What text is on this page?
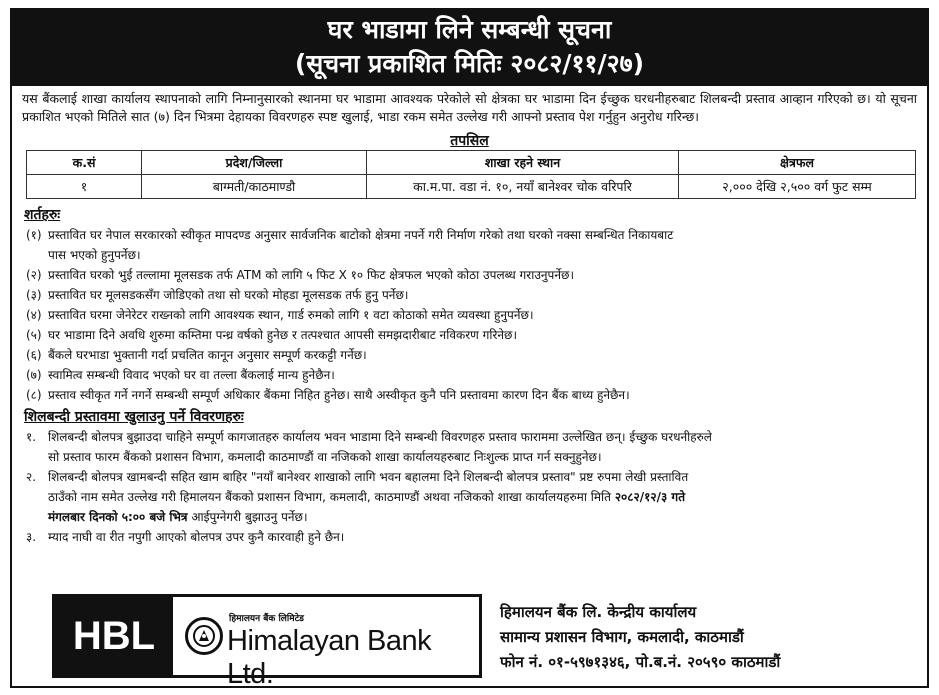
घर भाडामा लिने सम्बन्धी सूचना
(सूचना प्रकाशित मितिः २०८२/११/२७)

यस बैंकलाई शाखा कार्यालय स्थापनाको लागि निम्नानुसारको स्थानमा घर भाडामा आवश्यक परेकोले सो क्षेत्रका घर भाडामा दिन ईच्छुक घरधनीहरुबाट शिलबन्दी प्रस्ताव आव्हान गरिएको छ। यो सूचना प्रकाशित भएको मितिले सात (७) दिन भित्रमा देहायका विवरणहरु स्पष्ट खुलाई, भाडा रकम समेत उल्लेख गरी आफ्नो प्रस्ताव पेश गर्नुहुन अनुरोध गरिन्छ।

तपसिल
क.सं	प्रदेश/जिल्ला	शाखा रहने स्थान	क्षेत्रफल
१	बाग्मती/काठमाण्डौ	का.म.पा. वडा नं. १०, नयाँ बानेश्वर चोक वरिपरि	२,००० देखि २,५०० वर्ग फुट सम्म
शर्तहरुः
(१) प्रस्तावित घर नेपाल सरकारको स्वीकृत मापदण्ड अनुसार सार्वजनिक बाटोको क्षेत्रमा नपर्ने गरी निर्माण गरेको तथा घरको नक्सा सम्बन्धित निकायबाट
पास भएको हुनुपर्नेछ।
(२) प्रस्तावित घरको भुई तल्लामा मूलसडक तर्फ ATM को लागि ५ फिट X १० फिट क्षेत्रफल भएको कोठा उपलब्ध गराउनुपर्नेछ।
(३) प्रस्तावित घर मूलसडकसँग जोडिएको तथा सो घरको मोहडा मूलसडक तर्फ हुनु पर्नेछ।
(४) प्रस्तावित घरमा जेनेरेटर राख्नको लागि आवश्यक स्थान, गार्ड रुमको लागि १ वटा कोठाको समेत व्यवस्था हुनुपर्नेछ।
(५) घर भाडामा दिने अवधि शुरुमा कम्तिमा पन्ध्र वर्षको हुनेछ र तत्पश्चात आपसी समझदारीबाट नविकरण गरिनेछ।
(६) बैंकले घरभाडा भुक्तानी गर्दा प्रचलित कानून अनुसार सम्पूर्ण करकट्टी गर्नेछ।
(७) स्वामित्व सम्बन्धी विवाद भएको घर वा तल्ला बैंकलाई मान्य हुनेछैन।
(८) प्रस्ताव स्वीकृत गर्ने नगर्ने सम्बन्धी सम्पूर्ण अधिकार बैंकमा निहित हुनेछ। साथै अस्वीकृत कुनै पनि प्रस्तावमा कारण दिन बैंक बाध्य हुनेछैन।
शिलबन्दी प्रस्तावमा खुलाउनु पर्ने विवरणहरुः
१. शिलबन्दी बोलपत्र बुझाउदा चाहिने सम्पूर्ण कागजातहरु कार्यालय भवन भाडामा दिने सम्बन्धी विवरणहरु प्रस्ताव फाराममा उल्लेखित छन्। ईच्छुक घरधनीहरुले
सो प्रस्ताव फारम बैंकको प्रशासन विभाग, कमलादी काठमाण्डौं वा नजिकको शाखा कार्यालयहरुबाट निःशुल्क प्राप्त गर्न सक्नुहुनेछ।
२. शिलबन्दी बोलपत्र खामबन्दी सहित खाम बाहिर "नयाँ बानेश्वर शाखाको लागि भवन बहालमा दिने शिलबन्दी बोलपत्र प्रस्ताव" प्रष्ट रुपमा लेखी प्रस्तावित
ठाउँको नाम समेत उल्लेख गरी हिमालयन बैंकको प्रशासन विभाग, कमलादी, काठमाण्डौं अथवा नजिकको शाखा कार्यालयहरुमा मिति २०८२/१२/३ गते
मंगलबार दिनको ५:०० बजे भित्र आईपुग्नेगरी बुझाउनु पर्नेछ।
३. म्याद नाघी वा रीत नपुगी आएको बोलपत्र उपर कुनै कारवाही हुने छैन।
HBL	हिमालयन बैंक लिमिटेड
Himalayan Bank Ltd.
हिमालयन बैंक लि. केन्द्रीय कार्यालय
सामान्य प्रशासन विभाग, कमलादी, काठमाडौं
फोन नं. ०१-५९७१३४६, पो.ब.नं. २०५९० काठमाडौं
